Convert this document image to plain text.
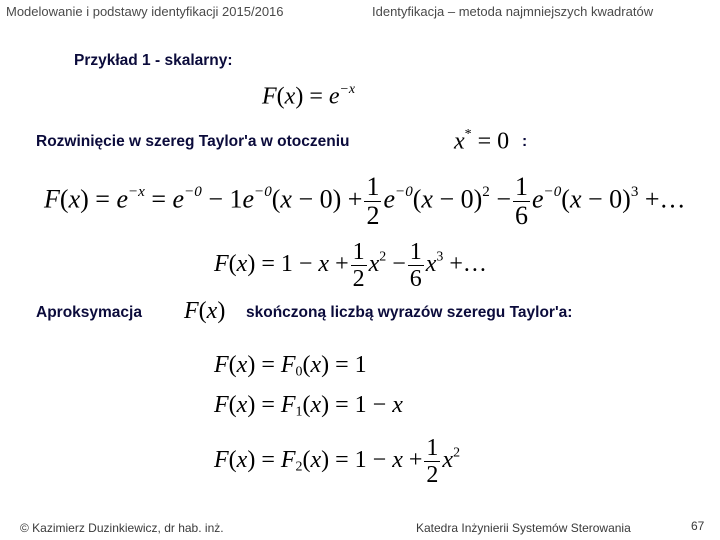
Modelowanie i podstawy identyfikacji 2015/2016	Identyfikacja – metoda najmniejszych kwadratów
Przykład 1 - skalarny:
$F(x) = e^{-x}$
Rozwinięcie w szereg Taylor'a w otoczeniu	x* = 0 :
$F(x) = e^{-x} = e^{-0} - 1e^{-0}(x - 0) + \frac{1}{2} e^{-0}(x - 0)^2 - \frac{1}{6} e^{-0}(x - 0)^3$ +…
$F(x) = 1 - x + \frac{1}{2} x^2 - \frac{1}{6} x^3$ +…
Aproksymacja F(x) skończoną liczbą wyrazów szeregu Taylor'a:
$F(x) = F_0(x) = 1$
$F(x) = F_1(x) = 1 - x$
$F(x) = F_2(x) = 1 - x + \frac{1}{2} x^2$
© Kazimierz Duzinkiewicz, dr hab. inż.	Katedra Inżynierii Systemów Sterowania	67
